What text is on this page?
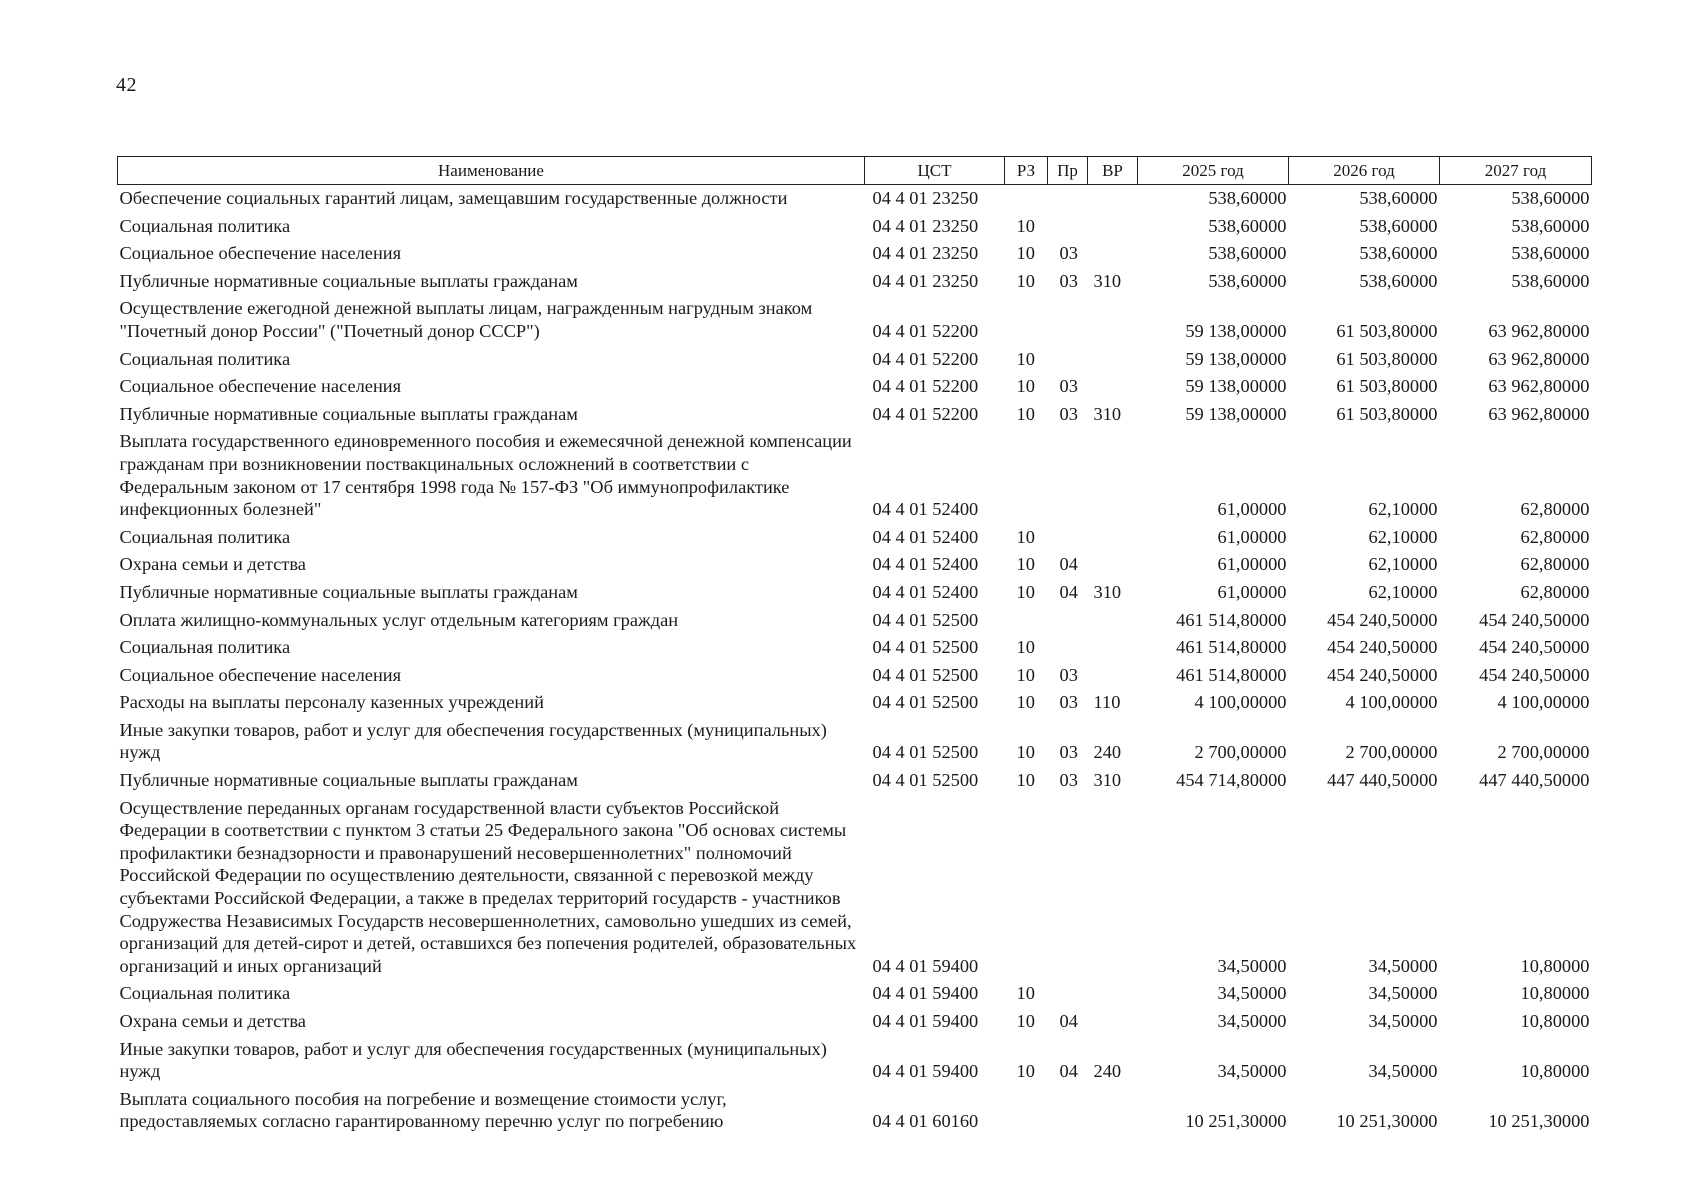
42
Наименование	ЦСТ	РЗ	Пр	ВР	2025 год	2026 год	2027 год
Обеспечение социальных гарантий лицам, замещавшим государственные должности	04 4 01 23250				538,60000	538,60000	538,60000
Социальная политика	04 4 01 23250	10			538,60000	538,60000	538,60000
Социальное обеспечение населения	04 4 01 23250	10	03		538,60000	538,60000	538,60000
Публичные нормативные социальные выплаты гражданам	04 4 01 23250	10	03	310	538,60000	538,60000	538,60000
Осуществление ежегодной денежной выплаты лицам, награжденным нагрудным знаком "Почетный донор России" ("Почетный донор СССР")	04 4 01 52200				59 138,00000	61 503,80000	63 962,80000
Социальная политика	04 4 01 52200	10			59 138,00000	61 503,80000	63 962,80000
Социальное обеспечение населения	04 4 01 52200	10	03		59 138,00000	61 503,80000	63 962,80000
Публичные нормативные социальные выплаты гражданам	04 4 01 52200	10	03	310	59 138,00000	61 503,80000	63 962,80000
Выплата государственного единовременного пособия и ежемесячной денежной компенсации гражданам при возникновении поствакцинальных осложнений в соответствии с Федеральным законом от 17 сентября 1998 года № 157-ФЗ "Об иммунопрофилактике инфекционных болезней"	04 4 01 52400				61,00000	62,10000	62,80000
Социальная политика	04 4 01 52400	10			61,00000	62,10000	62,80000
Охрана семьи и детства	04 4 01 52400	10	04		61,00000	62,10000	62,80000
Публичные нормативные социальные выплаты гражданам	04 4 01 52400	10	04	310	61,00000	62,10000	62,80000
Оплата жилищно-коммунальных услуг отдельным категориям граждан	04 4 01 52500				461 514,80000	454 240,50000	454 240,50000
Социальная политика	04 4 01 52500	10			461 514,80000	454 240,50000	454 240,50000
Социальное обеспечение населения	04 4 01 52500	10	03		461 514,80000	454 240,50000	454 240,50000
Расходы на выплаты персоналу казенных учреждений	04 4 01 52500	10	03	110	4 100,00000	4 100,00000	4 100,00000
Иные закупки товаров, работ и услуг для обеспечения государственных (муниципальных) нужд	04 4 01 52500	10	03	240	2 700,00000	2 700,00000	2 700,00000
Публичные нормативные социальные выплаты гражданам	04 4 01 52500	10	03	310	454 714,80000	447 440,50000	447 440,50000
Осуществление переданных органам государственной власти субъектов Российской Федерации в соответствии с пунктом 3 статьи 25 Федерального закона "Об основах системы профилактики безнадзорности и правонарушений несовершеннолетних" полномочий Российской Федерации по осуществлению деятельности, связанной с перевозкой между субъектами Российской Федерации, а также в пределах территорий государств - участников Содружества Независимых Государств несовершеннолетних, самовольно ушедших из семей, организаций для детей-сирот и детей, оставшихся без попечения родителей, образовательных организаций и иных организаций	04 4 01 59400				34,50000	34,50000	10,80000
Социальная политика	04 4 01 59400	10			34,50000	34,50000	10,80000
Охрана семьи и детства	04 4 01 59400	10	04		34,50000	34,50000	10,80000
Иные закупки товаров, работ и услуг для обеспечения государственных (муниципальных) нужд	04 4 01 59400	10	04	240	34,50000	34,50000	10,80000
Выплата социального пособия на погребение и возмещение стоимости услуг, предоставляемых согласно гарантированному перечню услуг по погребению	04 4 01 60160				10 251,30000	10 251,30000	10 251,30000
